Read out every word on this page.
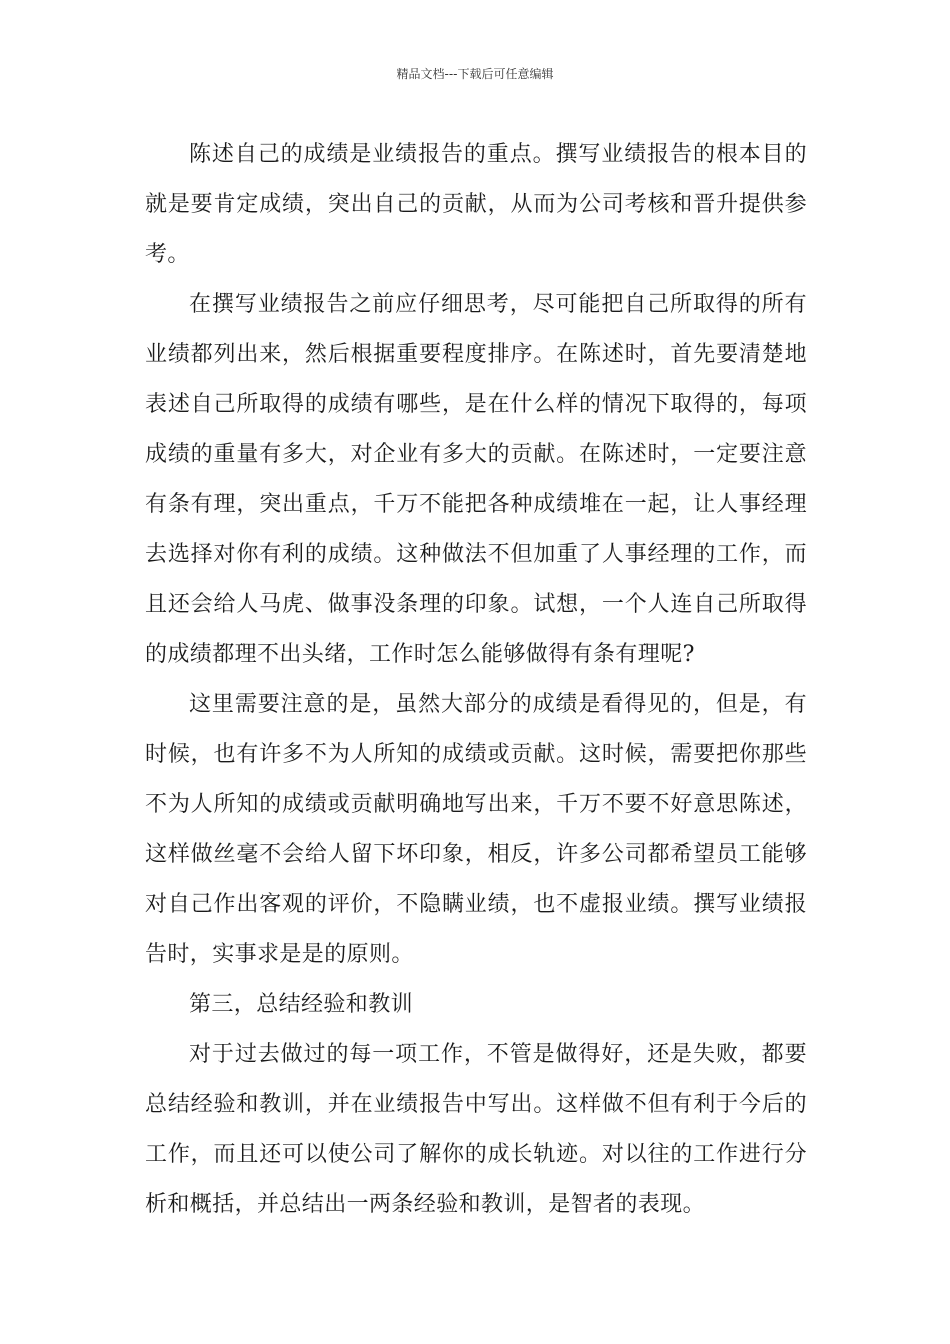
精品文档---下载后可任意编辑

陈述自己的成绩是业绩报告的重点。撰写业绩报告的根本目的就是要肯定成绩，突出自己的贡献，从而为公司考核和晋升提供参考。

在撰写业绩报告之前应仔细思考，尽可能把自己所取得的所有业绩都列出来，然后根据重要程度排序。在陈述时，首先要清楚地表述自己所取得的成绩有哪些，是在什么样的情况下取得的，每项成绩的重量有多大，对企业有多大的贡献。在陈述时，一定要注意有条有理，突出重点，千万不能把各种成绩堆在一起，让人事经理去选择对你有利的成绩。这种做法不但加重了人事经理的工作，而且还会给人马虎、做事没条理的印象。试想，一个人连自己所取得的成绩都理不出头绪，工作时怎么能够做得有条有理呢?

这里需要注意的是，虽然大部分的成绩是看得见的，但是，有时候，也有许多不为人所知的成绩或贡献。这时候，需要把你那些不为人所知的成绩或贡献明确地写出来，千万不要不好意思陈述，这样做丝毫不会给人留下坏印象，相反，许多公司都希望员工能够对自己作出客观的评价，不隐瞒业绩，也不虚报业绩。撰写业绩报告时，实事求是是的原则。

第三，总结经验和教训

对于过去做过的每一项工作，不管是做得好，还是失败，都要总结经验和教训，并在业绩报告中写出。这样做不但有利于今后的工作，而且还可以使公司了解你的成长轨迹。对以往的工作进行分析和概括，并总结出一两条经验和教训，是智者的表现。
